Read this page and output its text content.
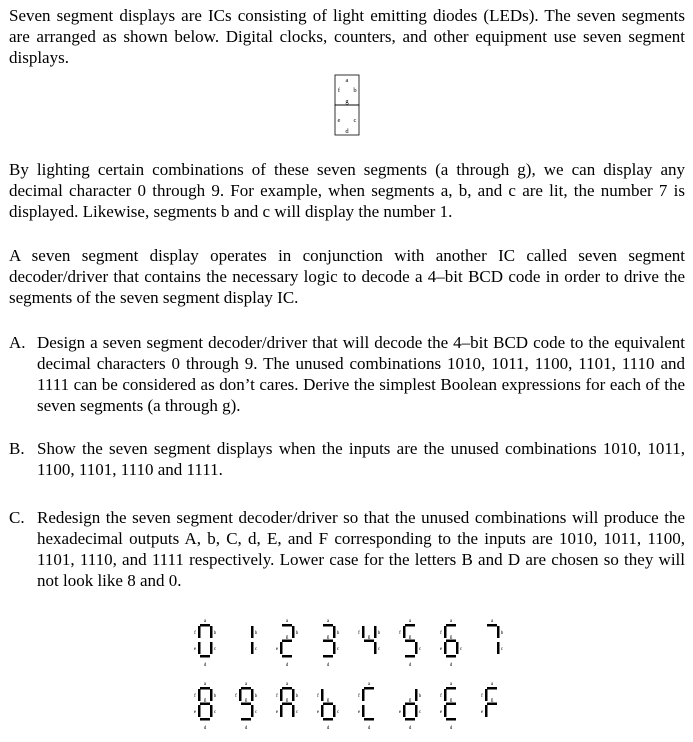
Seven segment displays are ICs consisting of light emitting diodes (LEDs). The seven segments are arranged as shown below. Digital clocks, counters, and other equipment use seven segment displays.

a
f b
g
e c
d

By lighting certain combinations of these seven segments (a through g), we can display any decimal character 0 through 9. For example, when segments a, b, and c are lit, the number 7 is displayed. Likewise, segments b and c will display the number 1.

A seven segment display operates in conjunction with another IC called seven segment decoder/driver that contains the necessary logic to decode a 4–bit BCD code in order to drive the segments of the seven segment display IC.

A. Design a seven segment decoder/driver that will decode the 4–bit BCD code to the equivalent decimal characters 0 through 9. The unused combinations 1010, 1011, 1100, 1101, 1110 and 1111 can be considered as don’t cares. Derive the simplest Boolean expressions for each of the seven segments (a through g).
B. Show the seven segment displays when the inputs are the unused combinations 1010, 1011, 1100, 1101, 1110 and 1111.
C. Redesign the seven segment decoder/driver so that the unused combinations will produce the hexadecimal outputs A, b, C, d, E, and F corresponding to the inputs are 1010, 1011, 1100, 1101, 1110, and 1111 respectively. Lower case for the letters B and D are chosen so they will not look like 8 and 0.
a
b
c
d
e
f	b
c
a
b
d
e
g
a
b
c
d
g
b
c
f
g
a
c
d
f
g
a
c
d
e
f
g
a
b
c
a
b
c
d
e
f
g
a
b
c
d
f
g
a
b
c
e
f
g
c
d
e
f
g
a
d
e
f	b
c
d
e
g
a
d
e
f
g
a
e
f
g
